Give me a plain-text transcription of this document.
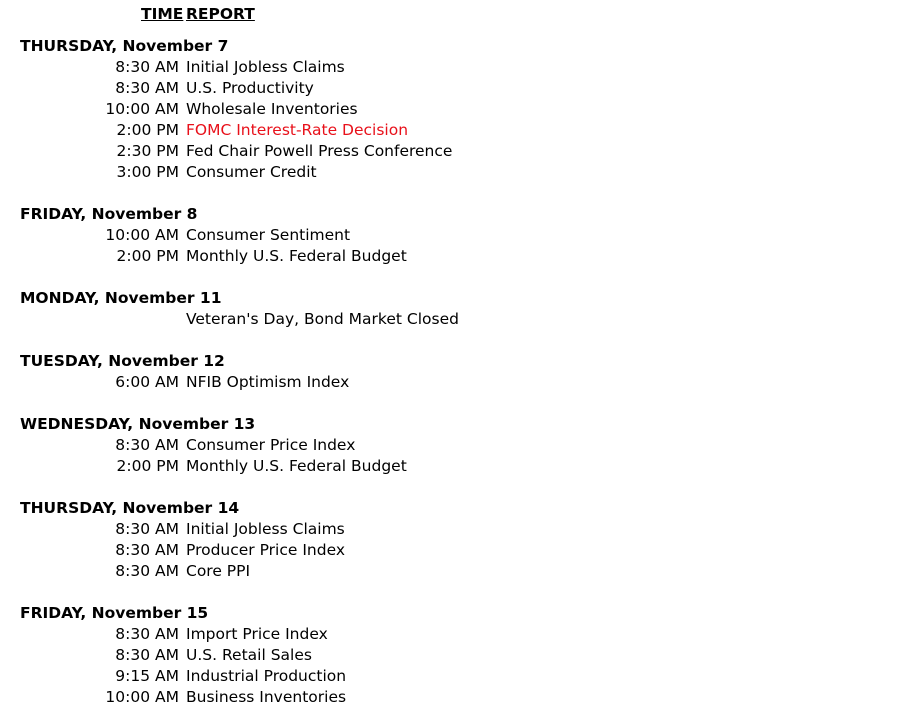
TIME REPORT
THURSDAY, November 7
8:30 AM Initial Jobless Claims
8:30 AM U.S. Productivity
10:00 AM Wholesale Inventories
2:00 PM FOMC Interest-Rate Decision
2:30 PM Fed Chair Powell Press Conference
3:00 PM Consumer Credit
FRIDAY, November 8
10:00 AM Consumer Sentiment
2:00 PM Monthly U.S. Federal Budget
MONDAY, November 11
Veteran's Day, Bond Market Closed
TUESDAY, November 12
6:00 AM NFIB Optimism Index
WEDNESDAY, November 13
8:30 AM Consumer Price Index
2:00 PM Monthly U.S. Federal Budget
THURSDAY, November 14
8:30 AM Initial Jobless Claims
8:30 AM Producer Price Index
8:30 AM Core PPI
FRIDAY, November 15
8:30 AM Import Price Index
8:30 AM U.S. Retail Sales
9:15 AM Industrial Production
10:00 AM Business Inventories
